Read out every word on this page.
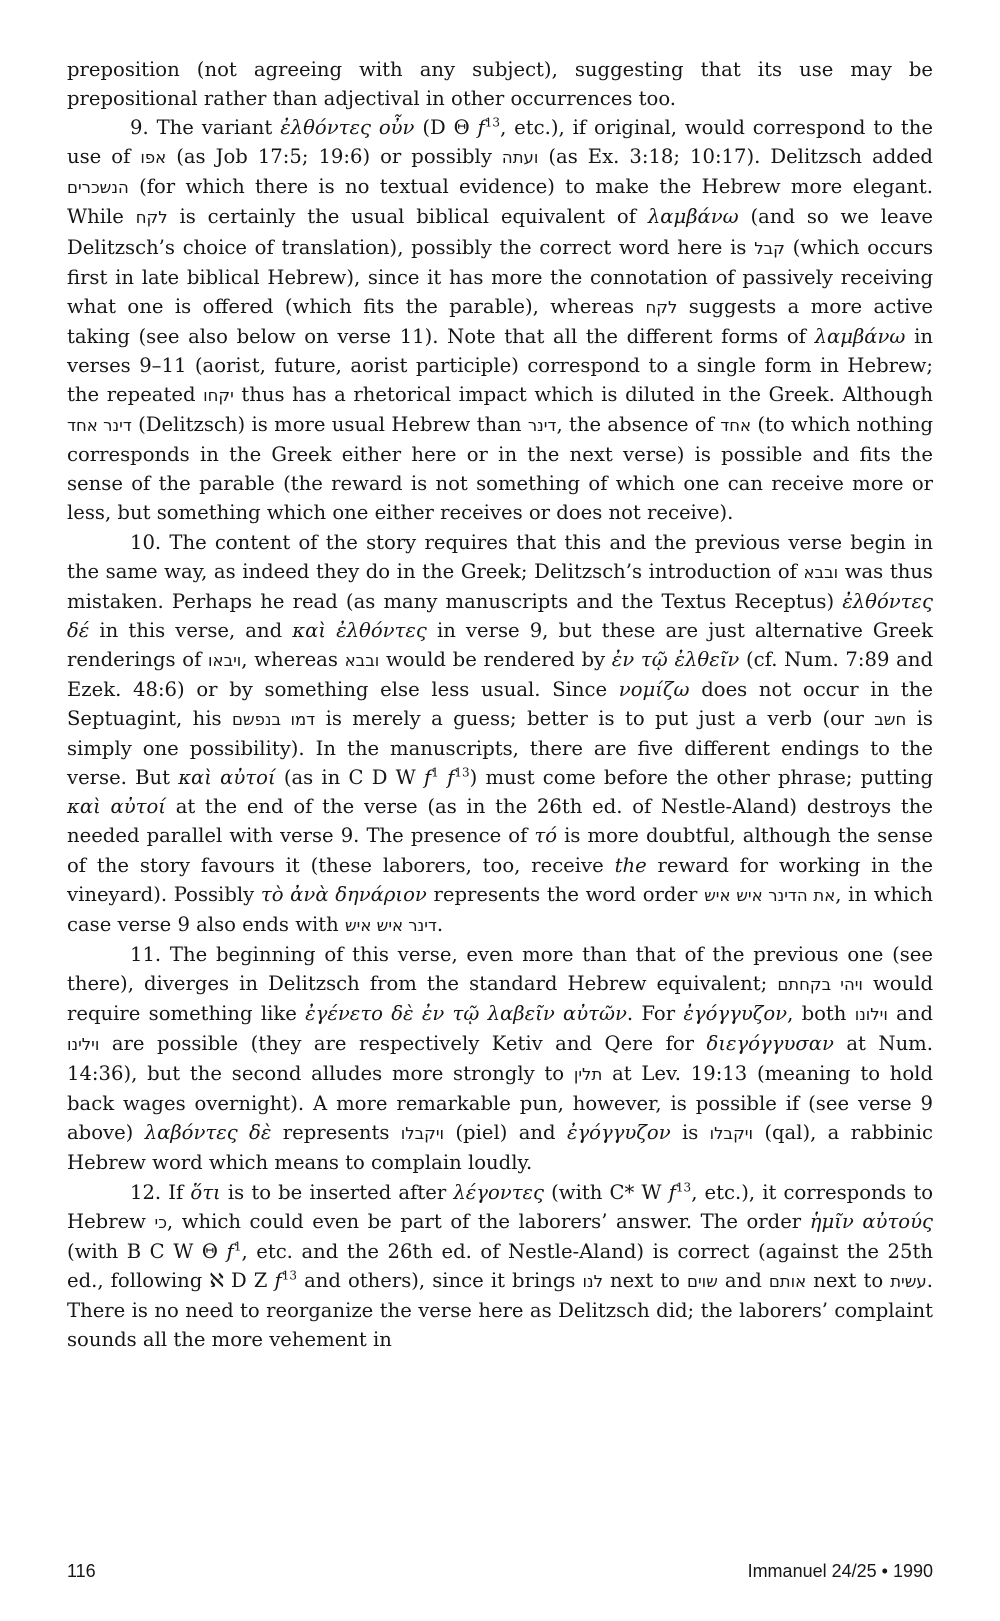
preposition (not agreeing with any subject), suggesting that its use may be prepositional rather than adjectival in other occurrences too.

9. The variant ἐλθόντες οὖν (D Θ $f^{13}$, etc.), if original, would correspond to the use of אפו (as Job 17:5; 19:6) or possibly ועתה (as Ex. 3:18; 10:17). Delitzsch added הנשכרים (for which there is no textual evidence) to make the Hebrew more elegant. While לקח is certainly the usual biblical equivalent of λαμβάνω (and so we leave Delitzsch’s choice of translation), possibly the correct word here is קבל (which occurs first in late biblical Hebrew), since it has more the connotation of passively receiving what one is offered (which fits the parable), whereas לקח suggests a more active taking (see also below on verse 11). Note that all the different forms of λαμβάνω in verses 9–11 (aorist, future, aorist participle) correspond to a single form in Hebrew; the repeated יקחו thus has a rhetorical impact which is diluted in the Greek. Although דינר אחד (Delitzsch) is more usual Hebrew than דינר, the absence of אחד (to which nothing corresponds in the Greek either here or in the next verse) is possible and fits the sense of the parable (the reward is not something of which one can receive more or less, but something which one either receives or does not receive).

10. The content of the story requires that this and the previous verse begin in the same way, as indeed they do in the Greek; Delitzsch’s introduction of ובבא was thus mistaken. Perhaps he read (as many manuscripts and the Textus Receptus) ἐλθόντες δέ in this verse, and καὶ ἐλθόντες in verse 9, but these are just alternative Greek renderings of ויבאו, whereas ובבא would be rendered by ἐν τῷ ἐλθεῖν (cf. Num. 7:89 and Ezek. 48:6) or by something else less usual. Since νομίζω does not occur in the Septuagint, his דמו בנפשם is merely a guess; better is to put just a verb (our חשב is simply one possibility). In the manuscripts, there are five different endings to the verse. But καὶ αὐτοί (as in C D W $f^1$ $f^{13}$) must come before the other phrase; putting καὶ αὐτοί at the end of the verse (as in the 26th ed. of Nestle-Aland) destroys the needed parallel with verse 9. The presence of τό is more doubtful, although the sense of the story favours it (these laborers, too, receive the reward for working in the vineyard). Possibly τὸ ἀνὰ δηνάριον represents the word order את הדינר איש איש, in which case verse 9 also ends with דינר איש איש.

11. The beginning of this verse, even more than that of the previous one (see there), diverges in Delitzsch from the standard Hebrew equivalent; ויהי בקחתם would require something like ἐγένετο δὲ ἐν τῷ λαβεῖν αὐτῶν. For ἐγόγγυζον, both וילונו and וילינו are possible (they are respectively Ketiv and Qere for διεγόγγυσαν at Num. 14:36), but the second alludes more strongly to תלין at Lev. 19:13 (meaning to hold back wages overnight). A more remarkable pun, however, is possible if (see verse 9 above) λαβόντες δὲ represents ויקבלו (piel) and ἐγόγγυζον is ויקבלו (qal), a rabbinic Hebrew word which means to complain loudly.

12. If ὅτι is to be inserted after λέγοντες (with C* W $f^{13}$, etc.), it corresponds to Hebrew כי, which could even be part of the laborers’ answer. The order ἡμῖν αὐτούς (with B C W Θ $f^1$, etc. and the 26th ed. of Nestle-Aland) is correct (against the 25th ed., following ℵ D Z $f^{13}$ and others), since it brings לנו next to שוים and אותם next to עשית. There is no need to reorganize the verse here as Delitzsch did; the laborers’ complaint sounds all the more vehement in

116	Immanuel 24/25 • 1990
